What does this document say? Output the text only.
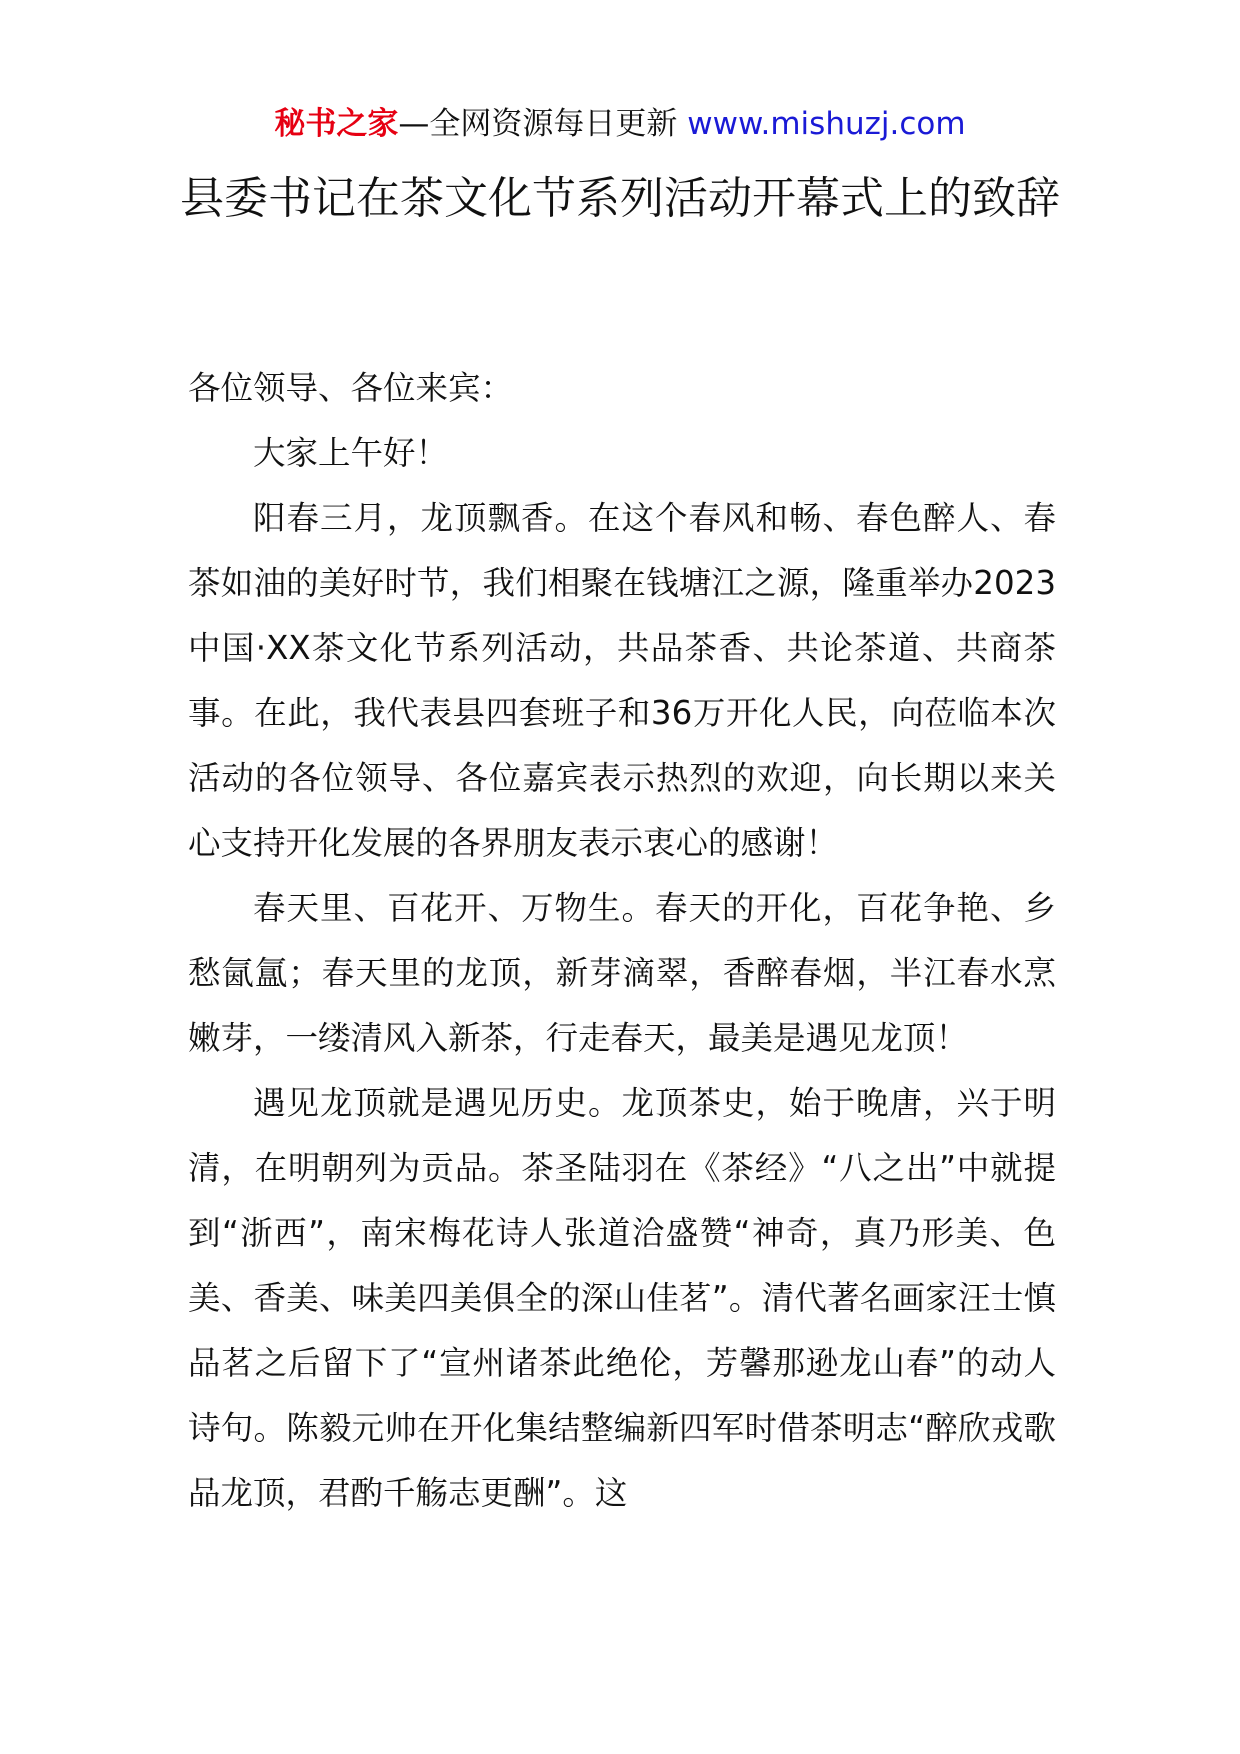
秘书之家—全网资源每日更新 www.mishuzj.com
县委书记在茶文化节系列活动开幕式上的致辞

各位领导、各位来宾：

大家上午好！

阳春三月，龙顶飘香。在这个春风和畅、春色醉人、春茶如油的美好时节，我们相聚在钱塘江之源，隆重举办2023中国·XX茶文化节系列活动，共品茶香、共论茶道、共商茶事。在此，我代表县四套班子和36万开化人民，向莅临本次活动的各位领导、各位嘉宾表示热烈的欢迎，向长期以来关心支持开化发展的各界朋友表示衷心的感谢！

春天里、百花开、万物生。春天的开化，百花争艳、乡愁氤氲；春天里的龙顶，新芽滴翠，香醉春烟，半江春水烹嫩芽，一缕清风入新茶，行走春天，最美是遇见龙顶！

遇见龙顶就是遇见历史。龙顶茶史，始于晚唐，兴于明清，在明朝列为贡品。茶圣陆羽在《茶经》“八之出”中就提到“浙西”，南宋梅花诗人张道洽盛赞“神奇，真乃形美、色美、香美、味美四美俱全的深山佳茗”。清代著名画家汪士慎品茗之后留下了“宣州诸茶此绝伦，芳馨那逊龙山春”的动人诗句。陈毅元帅在开化集结整编新四军时借茶明志“醉欣戎歌品龙顶，君酌千觞志更酬”。这
